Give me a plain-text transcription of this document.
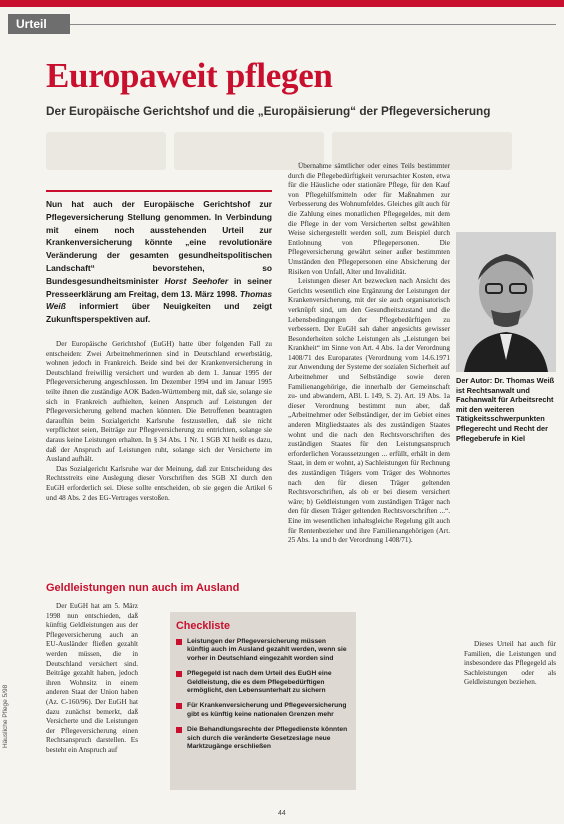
Urteil
Europaweit pflegen
Der Europäische Gerichtshof und die „Europäisierung“ der Pflegeversicherung
Nun hat auch der Europäische Gerichtshof zur Pflegeversicherung Stellung genommen. In Verbindung mit einem noch ausstehenden Urteil zur Krankenversicherung könnte „eine revolutionäre Veränderung der gesamten gesundheitspolitischen Landschaft“ bevorstehen, so Bundesgesundheitsminister Horst Seehofer in seiner Presseerklärung am Freitag, dem 13. März 1998. Thomas Weiß informiert über Neuigkeiten und zeigt Zukunftsperspektiven auf.

Der Europäische Gerichtshof (EuGH) hatte über folgenden Fall zu entscheiden: Zwei Arbeitnehmerinnen sind in Deutschland erwerbstätig, wohnen jedoch in Frankreich. Beide sind bei der Krankenversicherung in Deutschland freiwillig versichert und wurden ab dem 1. Januar 1995 der Pflegeversicherung angeschlossen. Im Dezember 1994 und im Januar 1995 teilte ihnen die zuständige AOK Baden-Württemberg mit, daß sie, solange sie sich in Frankreich aufhielten, keinen Anspruch auf Leistungen der Pflegeversicherung geltend machen könnten. Die Betroffenen beantragten daraufhin beim Sozialgericht Karlsruhe festzustellen, daß sie nicht verpflichtet seien, Beiträge zur Pflegeversicherung zu entrichten, solange sie daraus keine Leistungen erhalten. In § 34 Abs. 1 Nr. 1 SGB XI heißt es dazu, daß der Anspruch auf Leistungen ruht, solange sich der Versicherte im Ausland aufhält.

Das Sozialgericht Karlsruhe war der Meinung, daß zur Entscheidung des Rechtsstreits eine Auslegung dieser Vorschriften des SGB XI durch den EuGH erforderlich sei. Diese sollte entscheiden, ob sie gegen die Artikel 6 und 48 Abs. 2 des EG-Vertrages verstoßen.

Übernahme sämtlicher oder eines Teils bestimmter durch die Pflegebedürftigkeit verursachter Kosten, etwa für die Häusliche oder stationäre Pflege, für den Kauf von Pflegehilfsmitteln oder für Maßnahmen zur Verbesserung des Wohnumfeldes. Gleiches gilt auch für die Zahlung eines monatlichen Pflegegeldes, mit dem die Pflege in der vom Versicherten selbst gewählten Weise sichergestellt werden soll, zum Beispiel durch Entlohnung von Pflegepersonen. Die Pflegeversicherung gewährt seiner außer bestimmten Umständen den Pflegepersonen eine Absicherung der Risiken von Unfall, Alter und Invalidität.

Leistungen dieser Art bezwecken nach Ansicht des Gerichts wesentlich eine Ergänzung der Leistungen der Krankenversicherung, mit der sie auch organisatorisch verknüpft sind, um den Gesundheitszustand und die Lebensbedingungen der Pflegebedürftigen zu verbessern. Der EuGH sah daher angesichts gewisser Besonderheiten solche Leistungen als „Leistungen bei Krankheit“ im Sinne von Art. 4 Abs. 1a der Verordnung 1408/71 des Europarates (Verordnung vom 14.6.1971 zur Anwendung der Systeme der sozialen Sicherheit auf Arbeitnehmer und Selbständige sowie deren Familienangehörige, die innerhalb der Gemeinschaft zu- und abwandern, ABl. L 149, S. 2). Art. 19 Abs. 1a dieser Verordnung bestimmt nun aber, daß „Arbeitnehmer oder Selbständiger, der im Gebiet eines anderen Mitgliedstaates als des zuständigen Staates wohnt und die nach den Rechtsvorschriften des zuständigen Staates für den Leistungsanspruch erforderlichen Voraussetzungen ... erfüllt, erhält in dem Staat, in dem er wohnt, a) Sachleistungen für Rechnung des zuständigen Trägers vom Träger des Wohnortes nach den für diesen Träger geltenden Rechtsvorschriften, als ob er bei diesem versichert wäre; b) Geldleistungen vom zuständigen Träger nach den für diesen Träger geltenden Rechtsvorschriften ...“. Eine im wesentlichen inhaltsgleiche Regelung gilt auch für Rentenbezieher und ihre Familienangehörigen (Art. 25 Abs. 1a und b der Verordnung 1408/71).

Der Autor: Dr. Thomas Weiß ist Rechtsanwalt und Fachanwalt für Arbeitsrecht mit den weiteren Tätigkeitsschwerpunkten Pflegerecht und Recht der Pflegeberufe in Kiel
Geldleistungen nun auch im Ausland

Der EuGH hat am 5. März 1998 nun entschieden, daß künftig Geldleistungen aus der Pflegeversicherung auch an EU-Ausländer fließen gezahlt werden müssen, die in Deutschland versichert sind. Beiträge gezahlt haben, jedoch ihren Wohnsitz in einem anderen Staat der Union haben (Az. C-160/96). Der EuGH hat dazu zunächst bemerkt, daß Versicherte und die Leistungen der Pflegeversicherung einen Rechtsanspruch darstellen. Es besteht ein Anspruch auf

Checkliste
Leistungen der Pflegeversicherung müssen künftig auch im Ausland gezahlt werden, wenn sie vorher in Deutschland eingezahlt worden sind
Pflegegeld ist nach dem Urteil des EuGH eine Geldleistung, die es dem Pflegebedürftigen ermöglicht, den Lebensunterhalt zu sichern
Für Krankenversicherung und Pflegeversicherung gibt es künftig keine nationalen Grenzen mehr
Die Behandlungsrechte der Pflegedienste könnten sich durch die veränderte Gesetzeslage neue Marktzugänge erschließen

Dieses Urteil hat auch für Familien, die Leistungen und insbesondere das Pflegegeld als Sachleistungen oder als Geldleistungen beziehen.

Häusliche Pflege 5/98
44
